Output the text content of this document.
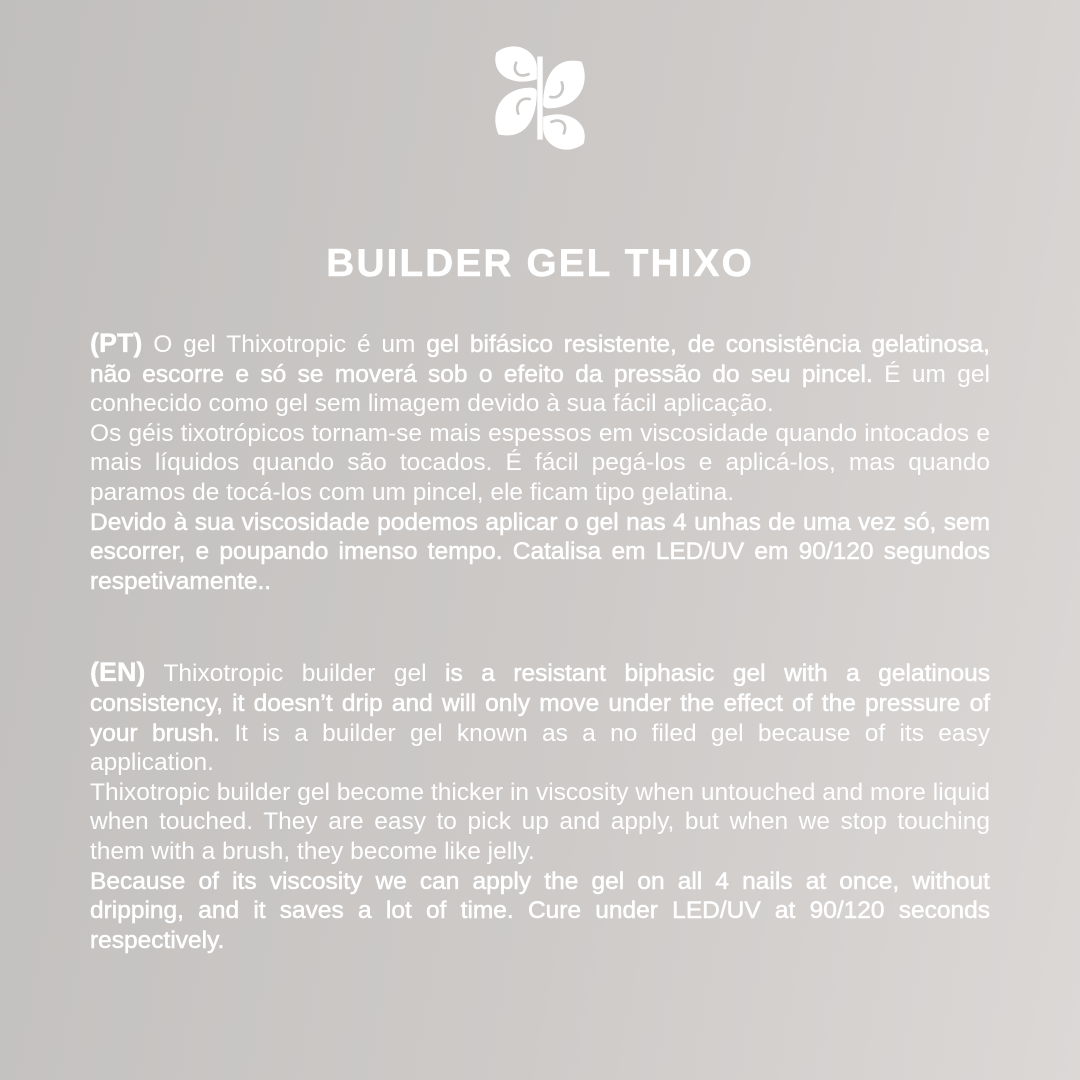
BUILDER GEL THIXO
(PT) O gel Thixotropic é um gel bifásico resistente, de consistência gelatinosa, não escorre e só se moverá sob o efeito da pressão do seu pincel. É um gel conhecido como gel sem limagem devido à sua fácil aplicação.
Os géis tixotrópicos tornam-se mais espessos em viscosidade quando intocados e mais líquidos quando são tocados. É fácil pegá-los e aplicá-los, mas quando paramos de tocá-los com um pincel, ele ficam tipo gelatina.
Devido à sua viscosidade podemos aplicar o gel nas 4 unhas de uma vez só, sem escorrer, e poupando imenso tempo. Catalisa em LED/UV em 90/120 segundos respetivamente..
(EN) Thixotropic builder gel is a resistant biphasic gel with a gelatinous consistency, it doesn’t drip and will only move under the effect of the pressure of your brush. It is a builder gel known as a no filed gel because of its easy application.
Thixotropic builder gel become thicker in viscosity when untouched and more liquid when touched. They are easy to pick up and apply, but when we stop touching them with a brush, they become like jelly.
Because of its viscosity we can apply the gel on all 4 nails at once, without dripping, and it saves a lot of time. Cure under LED/UV at 90/120 seconds respectively.
